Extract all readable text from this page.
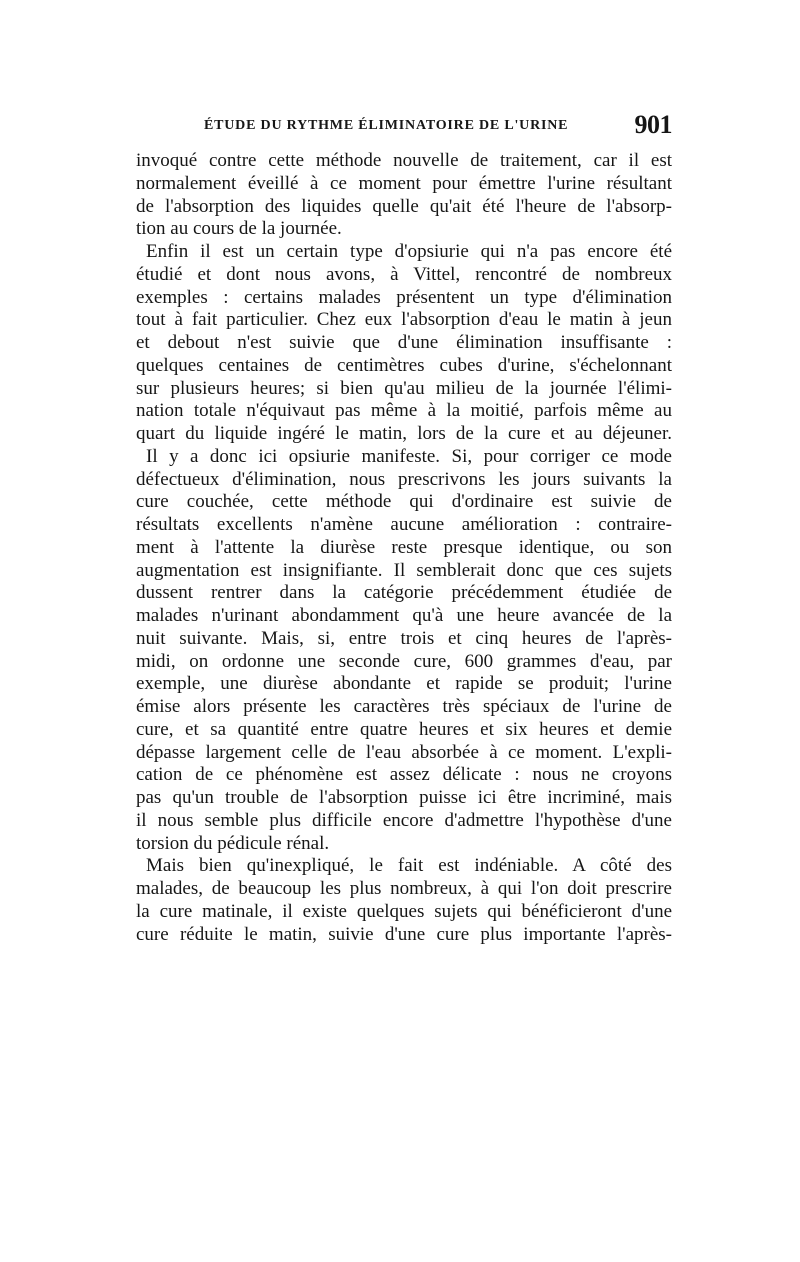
ÉTUDE DU RYTHME ÉLIMINATOIRE DE L'URINE	901
invoqué contre cette méthode nouvelle de traitement, car il est
normalement éveillé à ce moment pour émettre l'urine résultant
de l'absorption des liquides quelle qu'ait été l'heure de l'absorp-
tion au cours de la journée.
Enfin il est un certain type d'opsiurie qui n'a pas encore été
étudié et dont nous avons, à Vittel, rencontré de nombreux
exemples : certains malades présentent un type d'élimination
tout à fait particulier. Chez eux l'absorption d'eau le matin à jeun
et debout n'est suivie que d'une élimination insuffisante :
quelques centaines de centimètres cubes d'urine, s'échelonnant
sur plusieurs heures; si bien qu'au milieu de la journée l'élimi-
nation totale n'équivaut pas même à la moitié, parfois même au
quart du liquide ingéré le matin, lors de la cure et au déjeuner.
Il y a donc ici opsiurie manifeste. Si, pour corriger ce mode
défectueux d'élimination, nous prescrivons les jours suivants la
cure couchée, cette méthode qui d'ordinaire est suivie de
résultats excellents n'amène aucune amélioration : contraire-
ment à l'attente la diurèse reste presque identique, ou son
augmentation est insignifiante. Il semblerait donc que ces sujets
dussent rentrer dans la catégorie précédemment étudiée de
malades n'urinant abondamment qu'à une heure avancée de la
nuit suivante. Mais, si, entre trois et cinq heures de l'après-
midi, on ordonne une seconde cure, 600 grammes d'eau, par
exemple, une diurèse abondante et rapide se produit; l'urine
émise alors présente les caractères très spéciaux de l'urine de
cure, et sa quantité entre quatre heures et six heures et demie
dépasse largement celle de l'eau absorbée à ce moment. L'expli-
cation de ce phénomène est assez délicate : nous ne croyons
pas qu'un trouble de l'absorption puisse ici être incriminé, mais
il nous semble plus difficile encore d'admettre l'hypothèse d'une
torsion du pédicule rénal.
Mais bien qu'inexpliqué, le fait est indéniable. A côté des
malades, de beaucoup les plus nombreux, à qui l'on doit prescrire
la cure matinale, il existe quelques sujets qui bénéficieront d'une
cure réduite le matin, suivie d'une cure plus importante l'après-
